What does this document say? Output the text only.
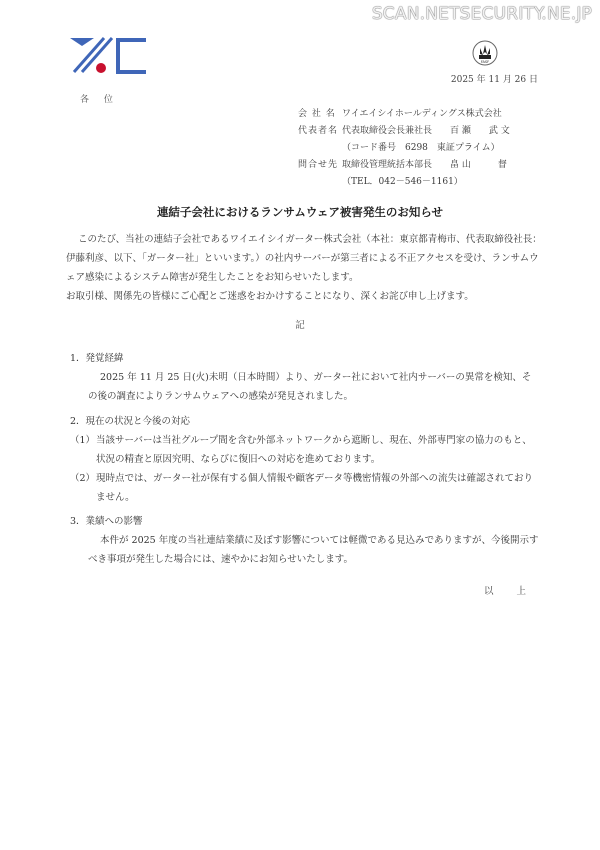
SCAN.NETSECURITY.NE.JP
FASF
2025 年 11 月 26 日
各 位
会 社 名 ワイエイシイホールディングス株式会社
代表者名 代表取締役会長兼社長 百 瀬　　武 文
（コード番号　6298　東証プライム）
問合せ先 取締役管理統括本部長 畠 山　　　督
（TEL．042－546－1161）
連結子会社におけるランサムウェア被害発生のお知らせ
このたび、当社の連結子会社であるワイエイシイガーター株式会社（本社：東京都青梅市、代表取締役社長：伊藤利彦、以下、「ガーター社」といいます。）の社内サーバーが第三者による不正アクセスを受け、ランサムウェア感染によるシステム障害が発生したことをお知らせいたします。
お取引様、関係先の皆様にご心配とご迷惑をおかけすることになり、深くお詫び申し上げます。
記
1．発覚経緯
2025 年 11 月 25 日(火)未明（日本時間）より、ガーター社において社内サーバーの異常を検知、その後の調査によりランサムウェアへの感染が発見されました。
2．現在の状況と今後の対応
（1） 当該サーバーは当社グループ間を含む外部ネットワークから遮断し、現在、外部専門家の協力のもと、状況の精査と原因究明、ならびに復旧への対応を進めております。
（2） 現時点では、ガーター社が保有する個人情報や顧客データ等機密情報の外部への流失は確認されておりません。
3．業績への影響
本件が 2025 年度の当社連結業績に及ぼす影響については軽微である見込みでありますが、今後開示すべき事項が発生した場合には、速やかにお知らせいたします。
以 上
